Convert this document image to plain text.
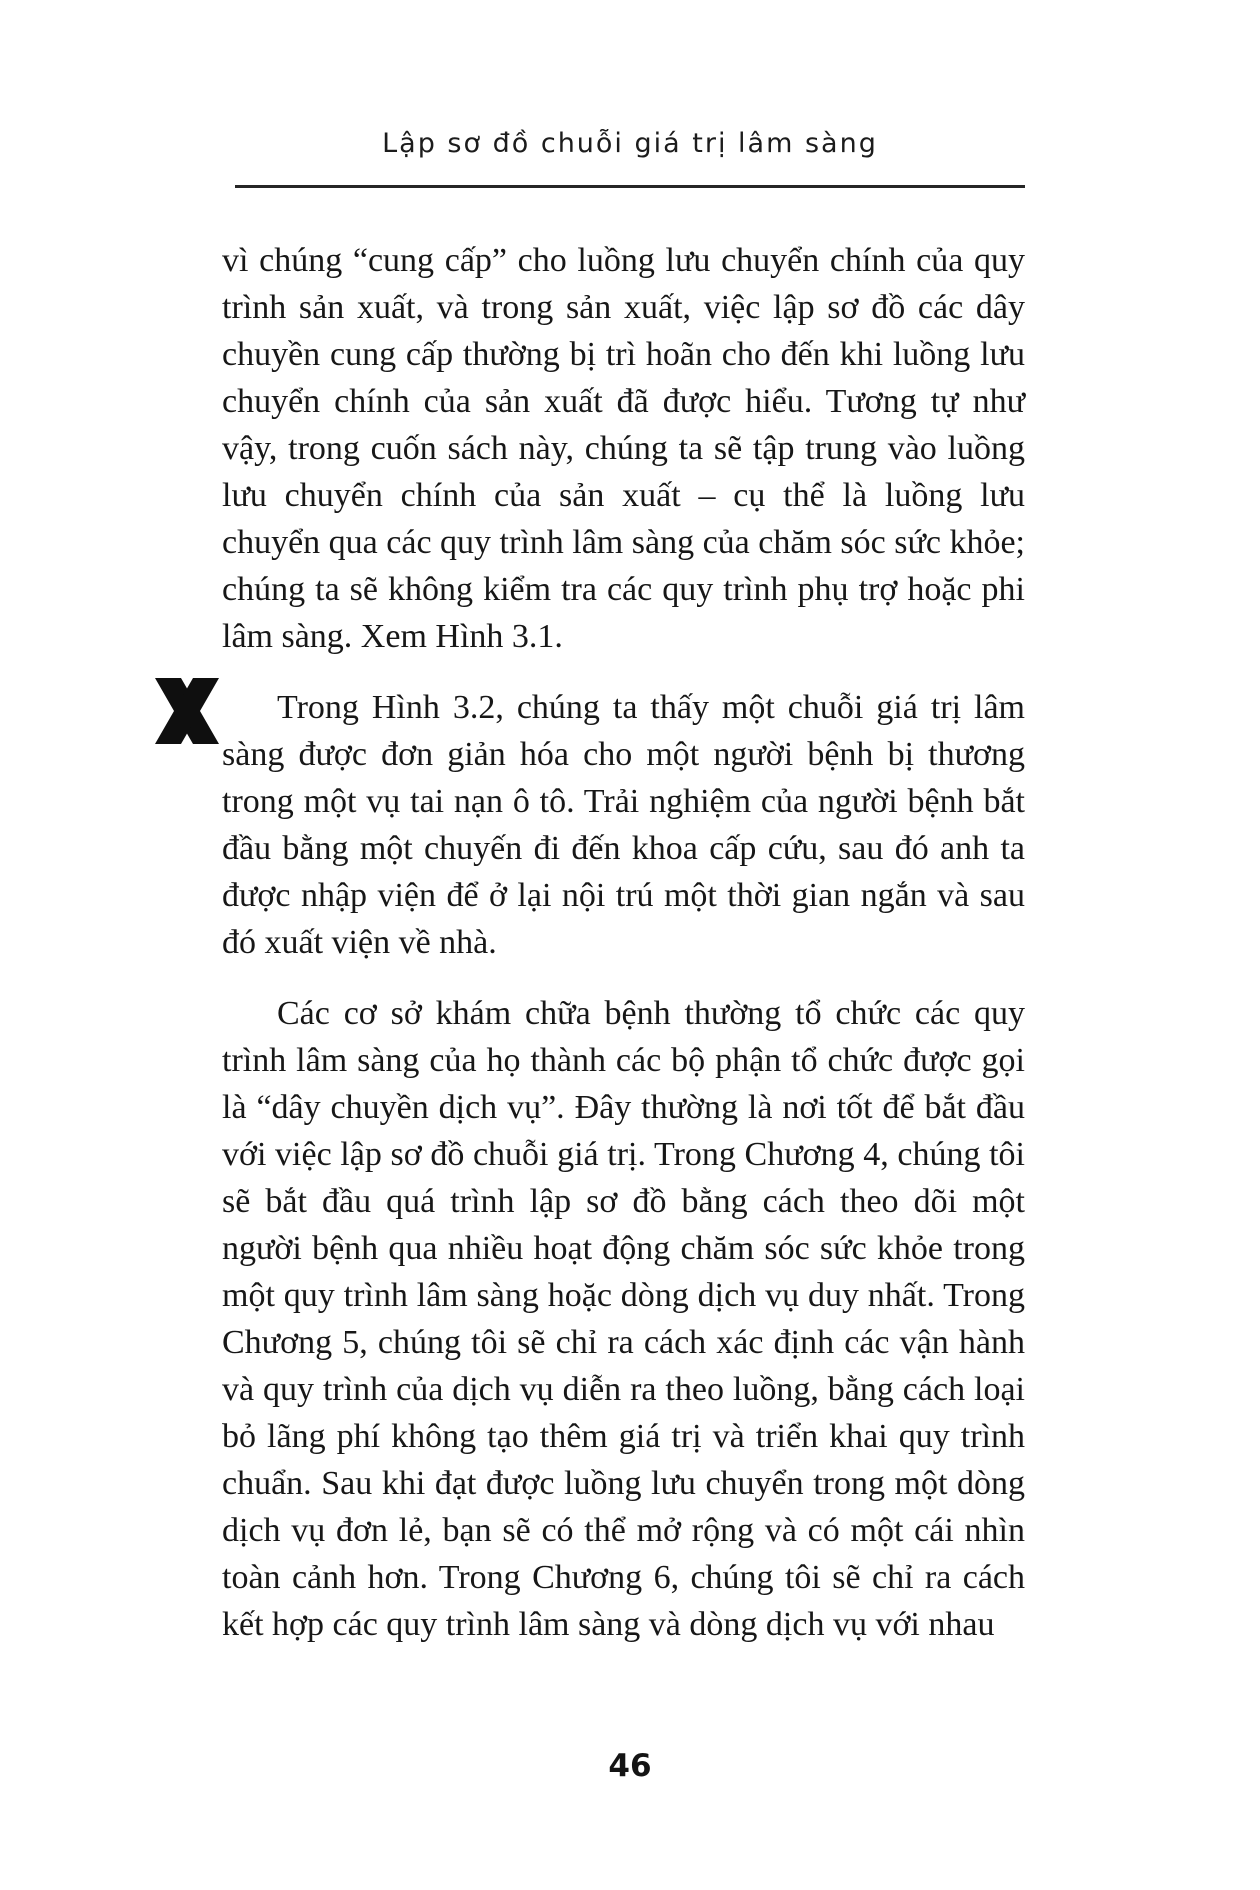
Lập sơ đồ chuỗi giá trị lâm sàng

vì chúng “cung cấp” cho luồng lưu chuyển chính của quy trình sản xuất, và trong sản xuất, việc lập sơ đồ các dây chuyền cung cấp thường bị trì hoãn cho đến khi luồng lưu chuyển chính của sản xuất đã được hiểu. Tương tự như vậy, trong cuốn sách này, chúng ta sẽ tập trung vào luồng lưu chuyển chính của sản xuất – cụ thể là luồng lưu chuyển qua các quy trình lâm sàng của chăm sóc sức khỏe; chúng ta sẽ không kiểm tra các quy trình phụ trợ hoặc phi lâm sàng. Xem Hình 3.1.

Trong Hình 3.2, chúng ta thấy một chuỗi giá trị lâm sàng được đơn giản hóa cho một người bệnh bị thương trong một vụ tai nạn ô tô. Trải nghiệm của người bệnh bắt đầu bằng một chuyến đi đến khoa cấp cứu, sau đó anh ta được nhập viện để ở lại nội trú một thời gian ngắn và sau đó xuất viện về nhà.

Các cơ sở khám chữa bệnh thường tổ chức các quy trình lâm sàng của họ thành các bộ phận tổ chức được gọi là “dây chuyền dịch vụ”. Đây thường là nơi tốt để bắt đầu với việc lập sơ đồ chuỗi giá trị. Trong Chương 4, chúng tôi sẽ bắt đầu quá trình lập sơ đồ bằng cách theo dõi một người bệnh qua nhiều hoạt động chăm sóc sức khỏe trong một quy trình lâm sàng hoặc dòng dịch vụ duy nhất. Trong Chương 5, chúng tôi sẽ chỉ ra cách xác định các vận hành và quy trình của dịch vụ diễn ra theo luồng, bằng cách loại bỏ lãng phí không tạo thêm giá trị và triển khai quy trình chuẩn. Sau khi đạt được luồng lưu chuyển trong một dòng dịch vụ đơn lẻ, bạn sẽ có thể mở rộng và có một cái nhìn toàn cảnh hơn. Trong Chương 6, chúng tôi sẽ chỉ ra cách kết hợp các quy trình lâm sàng và dòng dịch vụ với nhau

46
